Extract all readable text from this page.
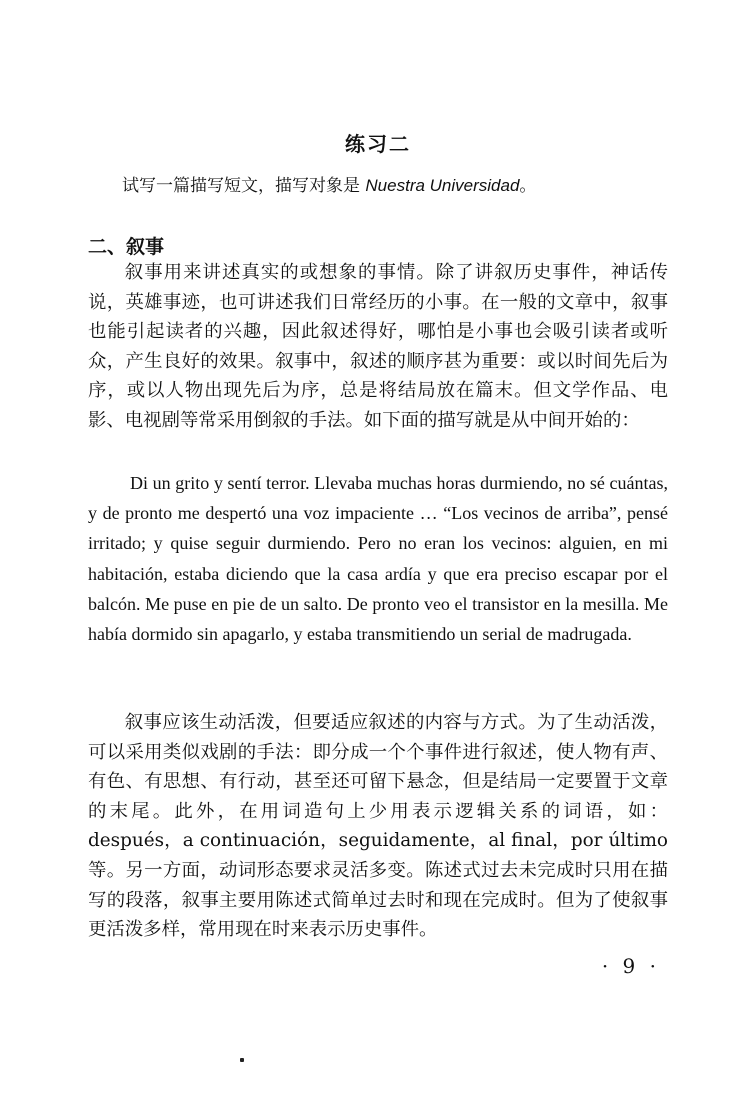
练习二
试写一篇描写短文，描写对象是 Nuestra Universidad。
二、叙事

叙事用来讲述真实的或想象的事情。除了讲叙历史事件，神话传说，英雄事迹，也可讲述我们日常经历的小事。在一般的文章中，叙事也能引起读者的兴趣，因此叙述得好，哪怕是小事也会吸引读者或听众，产生良好的效果。叙事中，叙述的顺序甚为重要：或以时间先后为序，或以人物出现先后为序，总是将结局放在篇末。但文学作品、电影、电视剧等常采用倒叙的手法。如下面的描写就是从中间开始的：

Di un grito y sentí terror. Llevaba muchas horas durmiendo, no sé cuántas, y de pronto me despertó una voz impaciente … “Los vecinos de arriba”, pensé irritado; y quise seguir durmiendo. Pero no eran los vecinos: alguien, en mi habitación, estaba diciendo que la casa ardía y que era preciso escapar por el balcón. Me puse en pie de un salto. De pronto veo el transistor en la mesilla. Me había dormido sin apagarlo, y estaba transmitiendo un serial de madrugada.

叙事应该生动活泼，但要适应叙述的内容与方式。为了生动活泼，可以采用类似戏剧的手法：即分成一个个事件进行叙述，使人物有声、有色、有思想、有行动，甚至还可留下悬念，但是结局一定要置于文章的末尾。此外，在用词造句上少用表示逻辑关系的词语，如：después，a continuación，seguidamente，al final，por último 等。另一方面，动词形态要求灵活多变。陈述式过去未完成时只用在描写的段落，叙事主要用陈述式简单过去时和现在完成时。但为了使叙事更活泼多样，常用现在时来表示历史事件。

· 9 ·
